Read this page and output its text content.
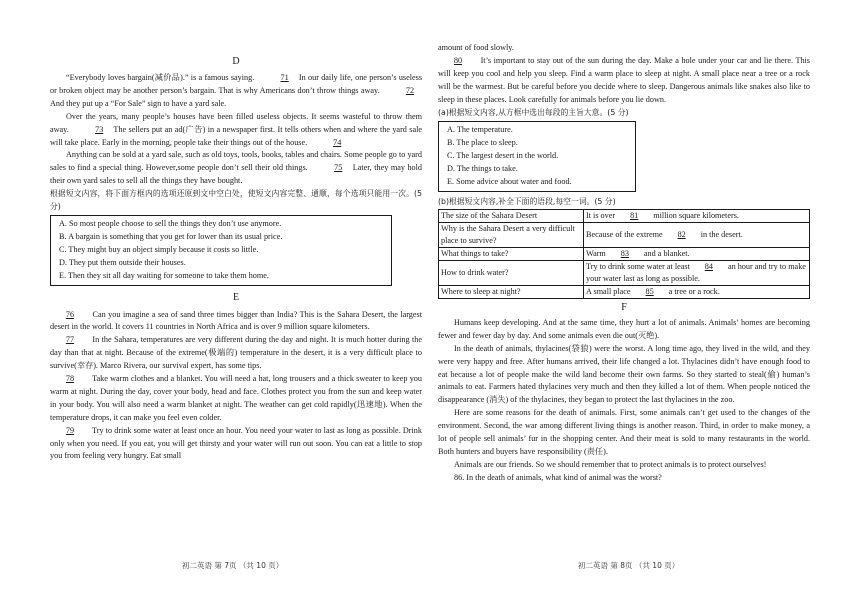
D

“Everybody loves bargain(减价品).” is a famous saying.	71 In our daily life, one person’s useless or broken object may be another person’s bargain. That is why Americans don’t throw things away.	72 And they put up a “For Sale” sign to have a yard sale.

Over the years, many people’s houses have been filled useless objects. It seems wasteful to throw them away.	73 The sellers put an ad(广告) in a newspaper first. It tells others when and where the yard sale will take place. Early in the morning, people take their things out of the house.	74

Anything can be sold at a yard sale, such as old toys, tools, books, tables and chairs. Some people go to yard sales to find a special thing. However,some people don’t sell their old things.	75 Later, they may hold their own yard sales to sell all the things they have bought.

根据短文内容，将下面方框内的选项还原到文中空白处，使短文内容完整、通顺，每个选项只能用一次。(5 分)

A. So most people choose to sell the things they don’t use anymore.
B. A bargain is something that you get for lower than its usual price.
C. They might buy an object simply because it costs so little.
D. They put them outside their houses.
E. Then they sit all day waiting for someone to take them home.
E

76 Can you imagine a sea of sand three times bigger than India? This is the Sahara Desert, the largest desert in the world. It covers 11 countries in North Africa and is over 9 million square kilometers.

77 In the Sahara, temperatures are very different during the day and night. It is much hotter during the day than that at night. Because of the extreme(极端的) temperature in the desert, it is a very difficult place to survive(幸存). Marco Rivera, our survival expert, has some tips.

78 Take warm clothes and a blanket. You will need a hat, long trousers and a thick sweater to keep you warm at night. During the day, cover your body, head and face. Clothes protect you from the sun and keep water in your body. You will also need a warm blanket at night. The weather can get cold rapidly(迅速地). When the temperature drops, it can make you feel even colder.

79 Try to drink some water at least once an hour. You need your water to last as long as possible. Drink only when you need. If you eat, you will get thirsty and your water will run out soon. You can eat a little to stop you from feeling very hungry. Eat small

初二英语 第 7页 （共 10 页）

amount of food slowly.

80 It’s important to stay out of the sun during the day. Make a hole under your car and lie there. This will keep you cool and help you sleep. Find a warm place to sleep at night. A small place near a tree or a rock will be the warmest. But be careful before you decide where to sleep. Dangerous animals like snakes also like to sleep in these places. Look carefully for animals before you lie down.

(a)根据短文内容,从方框中选出每段的主旨大意。(5 分)

A. The temperature.
B. The place to sleep.
C. The largest desert in the world.
D. The things to take.
E. Some advice about water and food.

(b)根据短文内容,补全下面的语段,每空一词。(5 分)

The size of the Sahara Desert	It is over 81 million square kilometers.
Why is the Sahara Desert a very difficult place to survive?	Because of the extreme 82 in the desert.
What things to take?	Warm 83 and a blanket.
How to drink water?	Try to drink some water at least 84 an hour and try to make your water last as long as possible.
Where to sleep at night?	A small place 85 a tree or a rock.
F

Humans keep developing. And at the same time, they hurt a lot of animals. Animals’ homes are becoming fewer and fewer day by day. And some animals even die out(灭绝).

In the death of animals, thylacines(袋狼) were the worst. A long time ago, they lived in the wild, and they were very happy and free. After humans arrived, their life changed a lot. Thylacines didn’t have enough food to eat because a lot of people make the wild land become their own farms. So they started to steal(偷) human’s animals to eat. Farmers hated thylacines very much and then they killed a lot of them. When people noticed the disappearance (消失) of the thylacines, they began to protect the last thylacines in the zoo.

Here are some reasons for the death of animals. First, some animals can’t get used to the changes of the environment. Second, the war among different living things is another reason. Third, in order to make money, a lot of people sell animals’ fur in the shopping center. And their meat is sold to many restaurants in the world. Both hunters and buyers have responsibility (责任).

Animals are our friends. So we should remember that to protect animals is to protect ourselves!

86. In the death of animals, what kind of animal was the worst?

初二英语 第 8页 （共 10 页）
